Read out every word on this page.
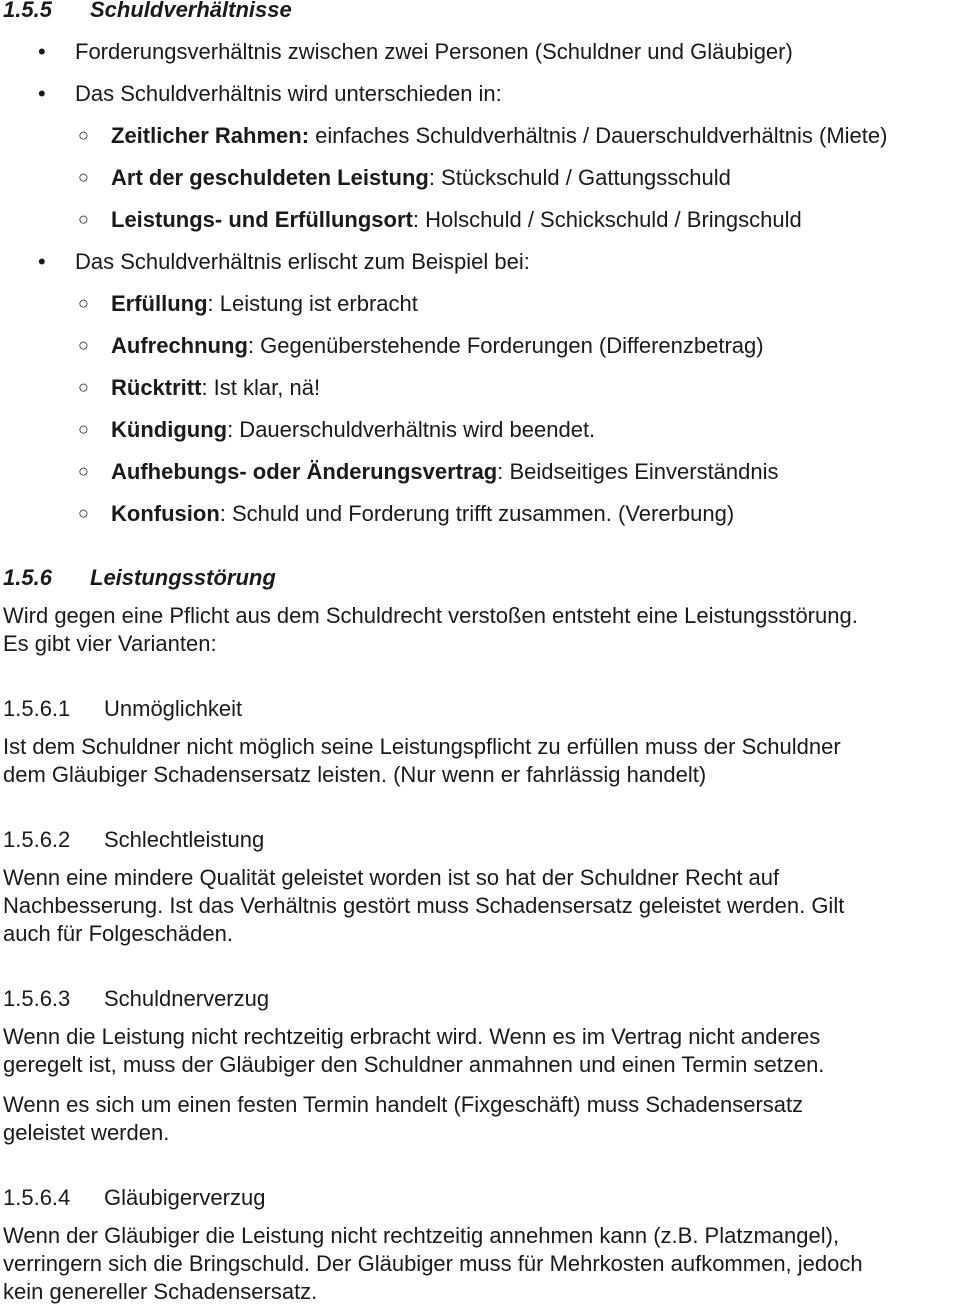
1.5.5 Schuldverhältnisse
• Forderungsverhältnis zwischen zwei Personen (Schuldner und Gläubiger)
• Das Schuldverhältnis wird unterschieden in:
○ Zeitlicher Rahmen: einfaches Schuldverhältnis / Dauerschuldverhältnis (Miete)
○ Art der geschuldeten Leistung: Stückschuld / Gattungsschuld
○ Leistungs- und Erfüllungsort: Holschuld / Schickschuld / Bringschuld
• Das Schuldverhältnis erlischt zum Beispiel bei:
○ Erfüllung: Leistung ist erbracht
○ Aufrechnung: Gegenüberstehende Forderungen (Differenzbetrag)
○ Rücktritt: Ist klar, nä!
○ Kündigung: Dauerschuldverhältnis wird beendet.
○ Aufhebungs- oder Änderungsvertrag: Beidseitiges Einverständnis
○ Konfusion: Schuld und Forderung trifft zusammen. (Vererbung)
1.5.6 Leistungsstörung
Wird gegen eine Pflicht aus dem Schuldrecht verstoßen entsteht eine Leistungsstörung.
Es gibt vier Varianten:
1.5.6.1 Unmöglichkeit
Ist dem Schuldner nicht möglich seine Leistungspflicht zu erfüllen muss der Schuldner
dem Gläubiger Schadensersatz leisten. (Nur wenn er fahrlässig handelt)
1.5.6.2 Schlechtleistung
Wenn eine mindere Qualität geleistet worden ist so hat der Schuldner Recht auf
Nachbesserung. Ist das Verhältnis gestört muss Schadensersatz geleistet werden. Gilt
auch für Folgeschäden.
1.5.6.3 Schuldnerverzug
Wenn die Leistung nicht rechtzeitig erbracht wird. Wenn es im Vertrag nicht anderes
geregelt ist, muss der Gläubiger den Schuldner anmahnen und einen Termin setzen.
Wenn es sich um einen festen Termin handelt (Fixgeschäft) muss Schadensersatz
geleistet werden.
1.5.6.4 Gläubigerverzug
Wenn der Gläubiger die Leistung nicht rechtzeitig annehmen kann (z.B. Platzmangel),
verringern sich die Bringschuld. Der Gläubiger muss für Mehrkosten aufkommen, jedoch
kein genereller Schadensersatz.
